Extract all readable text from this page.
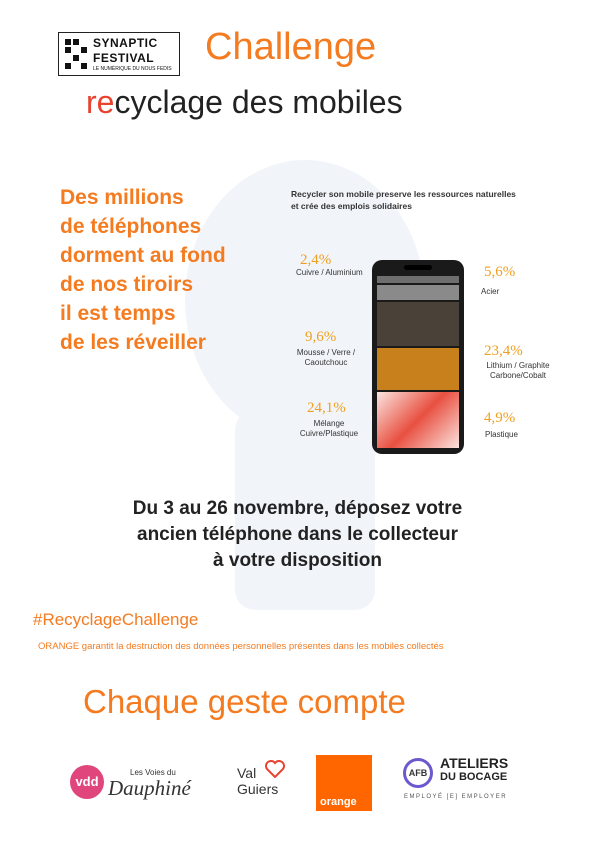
SYNAPTIC
FESTIVAL
LE NUMÉRIQUE DU NOUS FEDIS
Challenge
recyclage des mobiles
Des millions
de téléphones
dorment au fond
de nos tiroirs
il est temps
de les réveiller
Recycler son mobile preserve les ressources naturelles et crée des emplois solidaires
2,4%
Cuivre / Aluminium	5,6%
Acier
9,6%
Mousse / Verre / Caoutchouc
23,4%
Lithium / Graphite Carbone/Cobalt
24,1%
Mélange Cuivre/Plastique
4,9%
Plastique
Du 3 au 26 novembre, déposez votre
ancien téléphone dans le collecteur
à votre disposition
#RecyclageChallenge
ORANGE garantit la destruction des données personnelles présentes dans les mobiles collectés
Chaque geste compte
vdd
Les Voies du
Dauphiné
Val
Guiers
orange
AFB
ATELIERS
DU BOCAGE
EMPLOYÉ [E] EMPLOYER
